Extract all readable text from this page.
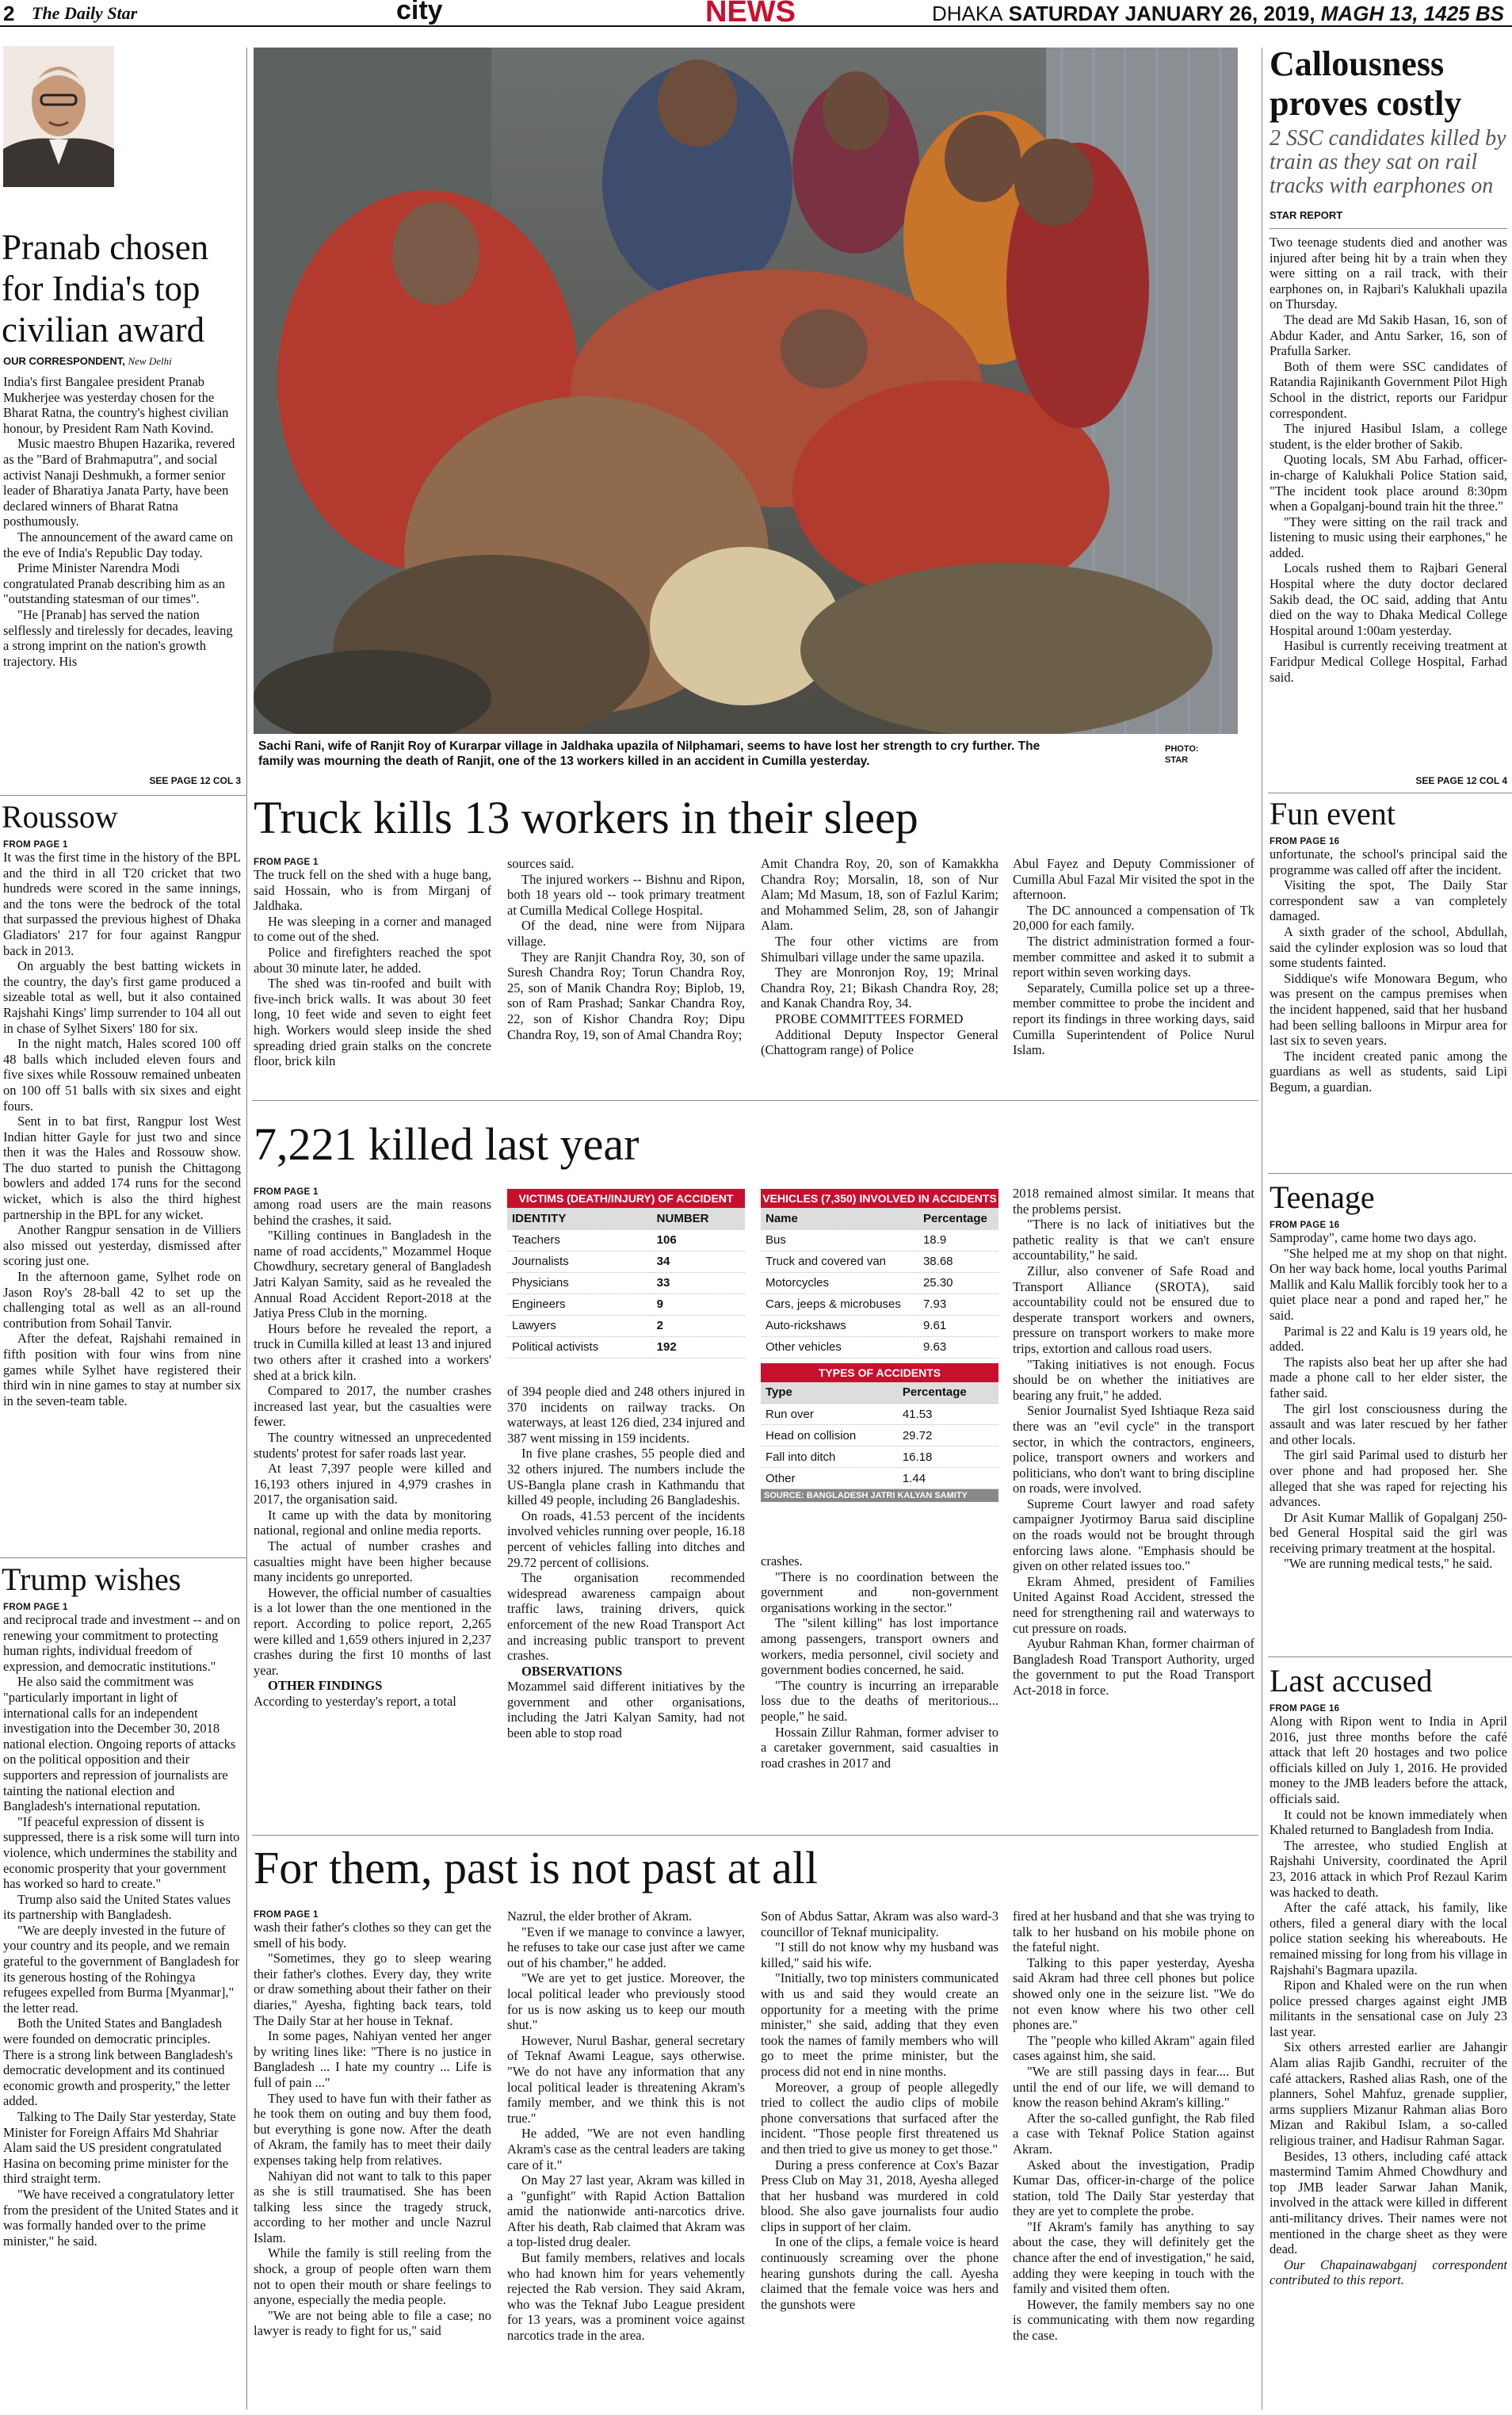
2 The Daily Star	city	NEWS	DHAKA SATURDAY JANUARY 26, 2019, MAGH 13, 1425 BS
Pranab chosen for India's top civilian award
OUR CORRESPONDENT, New Delhi

India's first Bangalee president Pranab Mukherjee was yesterday chosen for the Bharat Ratna, the country's highest civilian honour, by President Ram Nath Kovind.

Music maestro Bhupen Hazarika, revered as the "Bard of Brahmaputra", and social activist Nanaji Deshmukh, a former senior leader of Bharatiya Janata Party, have been declared winners of Bharat Ratna posthumously.

The announcement of the award came on the eve of India's Republic Day today.

Prime Minister Narendra Modi congratulated Pranab describing him as an "outstanding statesman of our times".

"He [Pranab] has served the nation selflessly and tirelessly for decades, leaving a strong imprint on the nation's growth trajectory. His

SEE PAGE 12 COL 3
Roussow
FROM PAGE 1

It was the first time in the history of the BPL and the third in all T20 cricket that two hundreds were scored in the same innings, and the tons were the bedrock of the total that surpassed the previous highest of Dhaka Gladiators' 217 for four against Rangpur back in 2013.

On arguably the best batting wickets in the country, the day's first game produced a sizeable total as well, but it also contained Rajshahi Kings' limp surrender to 104 all out in chase of Sylhet Sixers' 180 for six.

In the night match, Hales scored 100 off 48 balls which included eleven fours and five sixes while Rossouw remained unbeaten on 100 off 51 balls with six sixes and eight fours.

Sent in to bat first, Rangpur lost West Indian hitter Gayle for just two and since then it was the Hales and Rossouw show. The duo started to punish the Chittagong bowlers and added 174 runs for the second wicket, which is also the third highest partnership in the BPL for any wicket.

Another Rangpur sensation in de Villiers also missed out yesterday, dismissed after scoring just one.

In the afternoon game, Sylhet rode on Jason Roy's 28-ball 42 to set up the challenging total as well as an all-round contribution from Sohail Tanvir.

After the defeat, Rajshahi remained in fifth position with four wins from nine games while Sylhet have registered their third win in nine games to stay at number six in the seven-team table.

Trump wishes
FROM PAGE 1

and reciprocal trade and investment -- and on renewing your commitment to protecting human rights, individual freedom of expression, and democratic institutions."

He also said the commitment was "particularly important in light of international calls for an independent investigation into the December 30, 2018 national election. Ongoing reports of attacks on the political opposition and their supporters and repression of journalists are tainting the national election and Bangladesh's international reputation.

"If peaceful expression of dissent is suppressed, there is a risk some will turn into violence, which undermines the stability and economic prosperity that your government has worked so hard to create."

Trump also said the United States values its partnership with Bangladesh.

"We are deeply invested in the future of your country and its people, and we remain grateful to the government of Bangladesh for its generous hosting of the Rohingya refugees expelled from Burma [Myanmar]," the letter read.

Both the United States and Bangladesh were founded on democratic principles. There is a strong link between Bangladesh's democratic development and its continued economic growth and prosperity," the letter added.

Talking to The Daily Star yesterday, State Minister for Foreign Affairs Md Shahriar Alam said the US president congratulated Hasina on becoming prime minister for the third straight term.

"We have received a congratulatory letter from the president of the United States and it was formally handed over to the prime minister," he said.

Sachi Rani, wife of Ranjit Roy of Kurarpar village in Jaldhaka upazila of Nilphamari, seems to have lost her strength to cry further. The family was mourning the death of Ranjit, one of the 13 workers killed in an accident in Cumilla yesterday.
PHOTO:
STAR
Truck kills 13 workers in their sleep
FROM PAGE 1

The truck fell on the shed with a huge bang, said Hossain, who is from Mirganj of Jaldhaka.

He was sleeping in a corner and managed to come out of the shed.

Police and firefighters reached the spot about 30 minute later, he added.

The shed was tin-roofed and built with five-inch brick walls. It was about 30 feet long, 10 feet wide and seven to eight feet high. Workers would sleep inside the shed spreading dried grain stalks on the concrete floor, brick kiln

sources said.

The injured workers -- Bishnu and Ripon, both 18 years old -- took primary treatment at Cumilla Medical College Hospital.

Of the dead, nine were from Nijpara village.

They are Ranjit Chandra Roy, 30, son of Suresh Chandra Roy; Torun Chandra Roy, 25, son of Manik Chandra Roy; Biplob, 19, son of Ram Prashad; Sankar Chandra Roy, 22, son of Kishor Chandra Roy; Dipu Chandra Roy, 19, son of Amal Chandra Roy;

Amit Chandra Roy, 20, son of Kamakkha Chandra Roy; Morsalin, 18, son of Nur Alam; Md Masum, 18, son of Fazlul Karim; and Mohammed Selim, 28, son of Jahangir Alam.

The four other victims are from Shimulbari village under the same upazila.

They are Monronjon Roy, 19; Mrinal Chandra Roy, 21; Bikash Chandra Roy, 28; and Kanak Chandra Roy, 34.

PROBE COMMITTEES FORMED

Additional Deputy Inspector General (Chattogram range) of Police

Abul Fayez and Deputy Commissioner of Cumilla Abul Fazal Mir visited the spot in the afternoon.

The DC announced a compensation of Tk 20,000 for each family.

The district administration formed a four-member committee and asked it to submit a report within seven working days.

Separately, Cumilla police set up a three-member committee to probe the incident and report its findings in three working days, said Cumilla Superintendent of Police Nurul Islam.

7,221 killed last year
FROM PAGE 1

among road users are the main reasons behind the crashes, it said.

"Killing continues in Bangladesh in the name of road accidents," Mozammel Hoque Chowdhury, secretary general of Bangladesh Jatri Kalyan Samity, said as he revealed the Annual Road Accident Report-2018 at the Jatiya Press Club in the morning.

Hours before he revealed the report, a truck in Cumilla killed at least 13 and injured two others after it crashed into a workers' shed at a brick kiln.

Compared to 2017, the number crashes increased last year, but the casualties were fewer.

The country witnessed an unprecedented students' protest for safer roads last year.

At least 7,397 people were killed and 16,193 others injured in 4,979 crashes in 2017, the organisation said.

It came up with the data by monitoring national, regional and online media reports.

The actual of number crashes and casualties might have been higher because many incidents go unreported.

However, the official number of casualties is a lot lower than the one mentioned in the report. According to police report, 2,265 were killed and 1,659 others injured in 2,237 crashes during the first 10 months of last year.

OTHER FINDINGS

According to yesterday's report, a total

VICTIMS (DEATH/INJURY) OF ACCIDENT
IDENTITY	NUMBER
Teachers	106
Journalists	34
Physicians	33
Engineers	9
Lawyers	2
Political activists	192

of 394 people died and 248 others injured in 370 incidents on railway tracks. On waterways, at least 126 died, 234 injured and 387 went missing in 159 incidents.

In five plane crashes, 55 people died and 32 others injured. The numbers include the US-Bangla plane crash in Kathmandu that killed 49 people, including 26 Bangladeshis.

On roads, 41.53 percent of the incidents involved vehicles running over people, 16.18 percent of vehicles falling into ditches and 29.72 percent of collisions.

The organisation recommended widespread awareness campaign about traffic laws, training drivers, quick enforcement of the new Road Transport Act and increasing public transport to prevent crashes.

OBSERVATIONS

Mozammel said different initiatives by the government and other organisations, including the Jatri Kalyan Samity, had not been able to stop road

VEHICLES (7,350) INVOLVED IN ACCIDENTS
Name	Percentage
Bus	18.9
Truck and covered van	38.68
Motorcycles	25.30
Cars, jeeps & microbuses	7.93
Auto-rickshaws	9.61
Other vehicles	9.63
TYPES OF ACCIDENTS
Type	Percentage
Run over	41.53
Head on collision	29.72
Fall into ditch	16.18
Other	1.44
SOURCE: BANGLADESH JATRI KALYAN SAMITY

crashes.

"There is no coordination between the government and non-government organisations working in the sector."

The "silent killing" has lost importance among passengers, transport owners and workers, media personnel, civil society and government bodies concerned, he said.

"The country is incurring an irreparable loss due to the deaths of meritorious... people," he said.

Hossain Zillur Rahman, former adviser to a caretaker government, said casualties in road crashes in 2017 and

2018 remained almost similar. It means that the problems persist.

"There is no lack of initiatives but the pathetic reality is that we can't ensure accountability," he said.

Zillur, also convener of Safe Road and Transport Alliance (SROTA), said accountability could not be ensured due to desperate transport workers and owners, pressure on transport workers to make more trips, extortion and callous road users.

"Taking initiatives is not enough. Focus should be on whether the initiatives are bearing any fruit," he added.

Senior Journalist Syed Ishtiaque Reza said there was an "evil cycle" in the transport sector, in which the contractors, engineers, police, transport owners and workers and politicians, who don't want to bring discipline on roads, were involved.

Supreme Court lawyer and road safety campaigner Jyotirmoy Barua said discipline on the roads would not be brought through enforcing laws alone. "Emphasis should be given on other related issues too."

Ekram Ahmed, president of Families United Against Road Accident, stressed the need for strengthening rail and waterways to cut pressure on roads.

Ayubur Rahman Khan, former chairman of Bangladesh Road Transport Authority, urged the government to put the Road Transport Act-2018 in force.

For them, past is not past at all
FROM PAGE 1

wash their father's clothes so they can get the smell of his body.

"Sometimes, they go to sleep wearing their father's clothes. Every day, they write or draw something about their father on their diaries," Ayesha, fighting back tears, told The Daily Star at her house in Teknaf.

In some pages, Nahiyan vented her anger by writing lines like: "There is no justice in Bangladesh ... I hate my country ... Life is full of pain ..."

They used to have fun with their father as he took them on outing and buy them food, but everything is gone now. After the death of Akram, the family has to meet their daily expenses taking help from relatives.

Nahiyan did not want to talk to this paper as she is still traumatised. She has been talking less since the tragedy struck, according to her mother and uncle Nazrul Islam.

While the family is still reeling from the shock, a group of people often warn them not to open their mouth or share feelings to anyone, especially the media people.

"We are not being able to file a case; no lawyer is ready to fight for us," said

Nazrul, the elder brother of Akram.

"Even if we manage to convince a lawyer, he refuses to take our case just after we came out of his chamber," he added.

"We are yet to get justice. Moreover, the local political leader who previously stood for us is now asking us to keep our mouth shut."

However, Nurul Bashar, general secretary of Teknaf Awami League, says otherwise. "We do not have any information that any local political leader is threatening Akram's family member, and we think this is not true."

He added, "We are not even handling Akram's case as the central leaders are taking care of it."

On May 27 last year, Akram was killed in a "gunfight" with Rapid Action Battalion amid the nationwide anti-narcotics drive. After his death, Rab claimed that Akram was a top-listed drug dealer.

But family members, relatives and locals who had known him for years vehemently rejected the Rab version. They said Akram, who was the Teknaf Jubo League president for 13 years, was a prominent voice against narcotics trade in the area.

Son of Abdus Sattar, Akram was also ward-3 councillor of Teknaf municipality.

"I still do not know why my husband was killed," said his wife.

"Initially, two top ministers communicated with us and said they would create an opportunity for a meeting with the prime minister," she said, adding that they even took the names of family members who will go to meet the prime minister, but the process did not end in nine months.

Moreover, a group of people allegedly tried to collect the audio clips of mobile phone conversations that surfaced after the incident. "Those people first threatened us and then tried to give us money to get those."

During a press conference at Cox's Bazar Press Club on May 31, 2018, Ayesha alleged that her husband was murdered in cold blood. She also gave journalists four audio clips in support of her claim.

In one of the clips, a female voice is heard continuously screaming over the phone hearing gunshots during the call. Ayesha claimed that the female voice was hers and the gunshots were

fired at her husband and that she was trying to talk to her husband on his mobile phone on the fateful night.

Talking to this paper yesterday, Ayesha said Akram had three cell phones but police showed only one in the seizure list. "We do not even know where his two other cell phones are."

The "people who killed Akram" again filed cases against him, she said.

"We are still passing days in fear.... But until the end of our life, we will demand to know the reason behind Akram's killing."

After the so-called gunfight, the Rab filed a case with Teknaf Police Station against Akram.

Asked about the investigation, Pradip Kumar Das, officer-in-charge of the police station, told The Daily Star yesterday that they are yet to complete the probe.

"If Akram's family has anything to say about the case, they will definitely get the chance after the end of investigation," he said, adding they were keeping in touch with the family and visited them often.

However, the family members say no one is communicating with them now regarding the case.

Callousness proves costly
2 SSC candidates killed by train as they sat on rail tracks with earphones on
STAR REPORT

Two teenage students died and another was injured after being hit by a train when they were sitting on a rail track, with their earphones on, in Rajbari's Kalukhali upazila on Thursday.

The dead are Md Sakib Hasan, 16, son of Abdur Kader, and Antu Sarker, 16, son of Prafulla Sarker.

Both of them were SSC candidates of Ratandia Rajinikanth Government Pilot High School in the district, reports our Faridpur correspondent.

The injured Hasibul Islam, a college student, is the elder brother of Sakib.

Quoting locals, SM Abu Farhad, officer-in-charge of Kalukhali Police Station said, "The incident took place around 8:30pm when a Gopalganj-bound train hit the three."

"They were sitting on the rail track and listening to music using their earphones," he added.

Locals rushed them to Rajbari General Hospital where the duty doctor declared Sakib dead, the OC said, adding that Antu died on the way to Dhaka Medical College Hospital around 1:00am yesterday.

Hasibul is currently receiving treatment at Faridpur Medical College Hospital, Farhad said.

SEE PAGE 12 COL 4
Fun event
FROM PAGE 16

unfortunate, the school's principal said the programme was called off after the incident.

Visiting the spot, The Daily Star correspondent saw a van completely damaged.

A sixth grader of the school, Abdullah, said the cylinder explosion was so loud that some students fainted.

Siddique's wife Monowara Begum, who was present on the campus premises when the incident happened, said that her husband had been selling balloons in Mirpur area for last six to seven years.

The incident created panic among the guardians as well as students, said Lipi Begum, a guardian.

Teenage
FROM PAGE 16

Samproday", came home two days ago.

"She helped me at my shop on that night. On her way back home, local youths Parimal Mallik and Kalu Mallik forcibly took her to a quiet place near a pond and raped her," he said.

Parimal is 22 and Kalu is 19 years old, he added.

The rapists also beat her up after she had made a phone call to her elder sister, the father said.

The girl lost consciousness during the assault and was later rescued by her father and other locals.

The girl said Parimal used to disturb her over phone and had proposed her. She alleged that she was raped for rejecting his advances.

Dr Asit Kumar Mallik of Gopalganj 250-bed General Hospital said the girl was receiving primary treatment at the hospital.

"We are running medical tests," he said.

Last accused
FROM PAGE 16

Along with Ripon went to India in April 2016, just three months before the café attack that left 20 hostages and two police officials killed on July 1, 2016. He provided money to the JMB leaders before the attack, officials said.

It could not be known immediately when Khaled returned to Bangladesh from India.

The arrestee, who studied English at Rajshahi University, coordinated the April 23, 2016 attack in which Prof Rezaul Karim was hacked to death.

After the café attack, his family, like others, filed a general diary with the local police station seeking his whereabouts. He remained missing for long from his village in Rajshahi's Bagmara upazila.

Ripon and Khaled were on the run when police pressed charges against eight JMB militants in the sensational case on July 23 last year.

Six others arrested earlier are Jahangir Alam alias Rajib Gandhi, recruiter of the café attackers, Rashed alias Rash, one of the planners, Sohel Mahfuz, grenade supplier, arms suppliers Mizanur Rahman alias Boro Mizan and Rakibul Islam, a so-called religious trainer, and Hadisur Rahman Sagar.

Besides, 13 others, including café attack mastermind Tamim Ahmed Chowdhury and top JMB leader Sarwar Jahan Manik, involved in the attack were killed in different anti-militancy drives. Their names were not mentioned in the charge sheet as they were dead.

Our Chapainawabganj correspondent contributed to this report.
